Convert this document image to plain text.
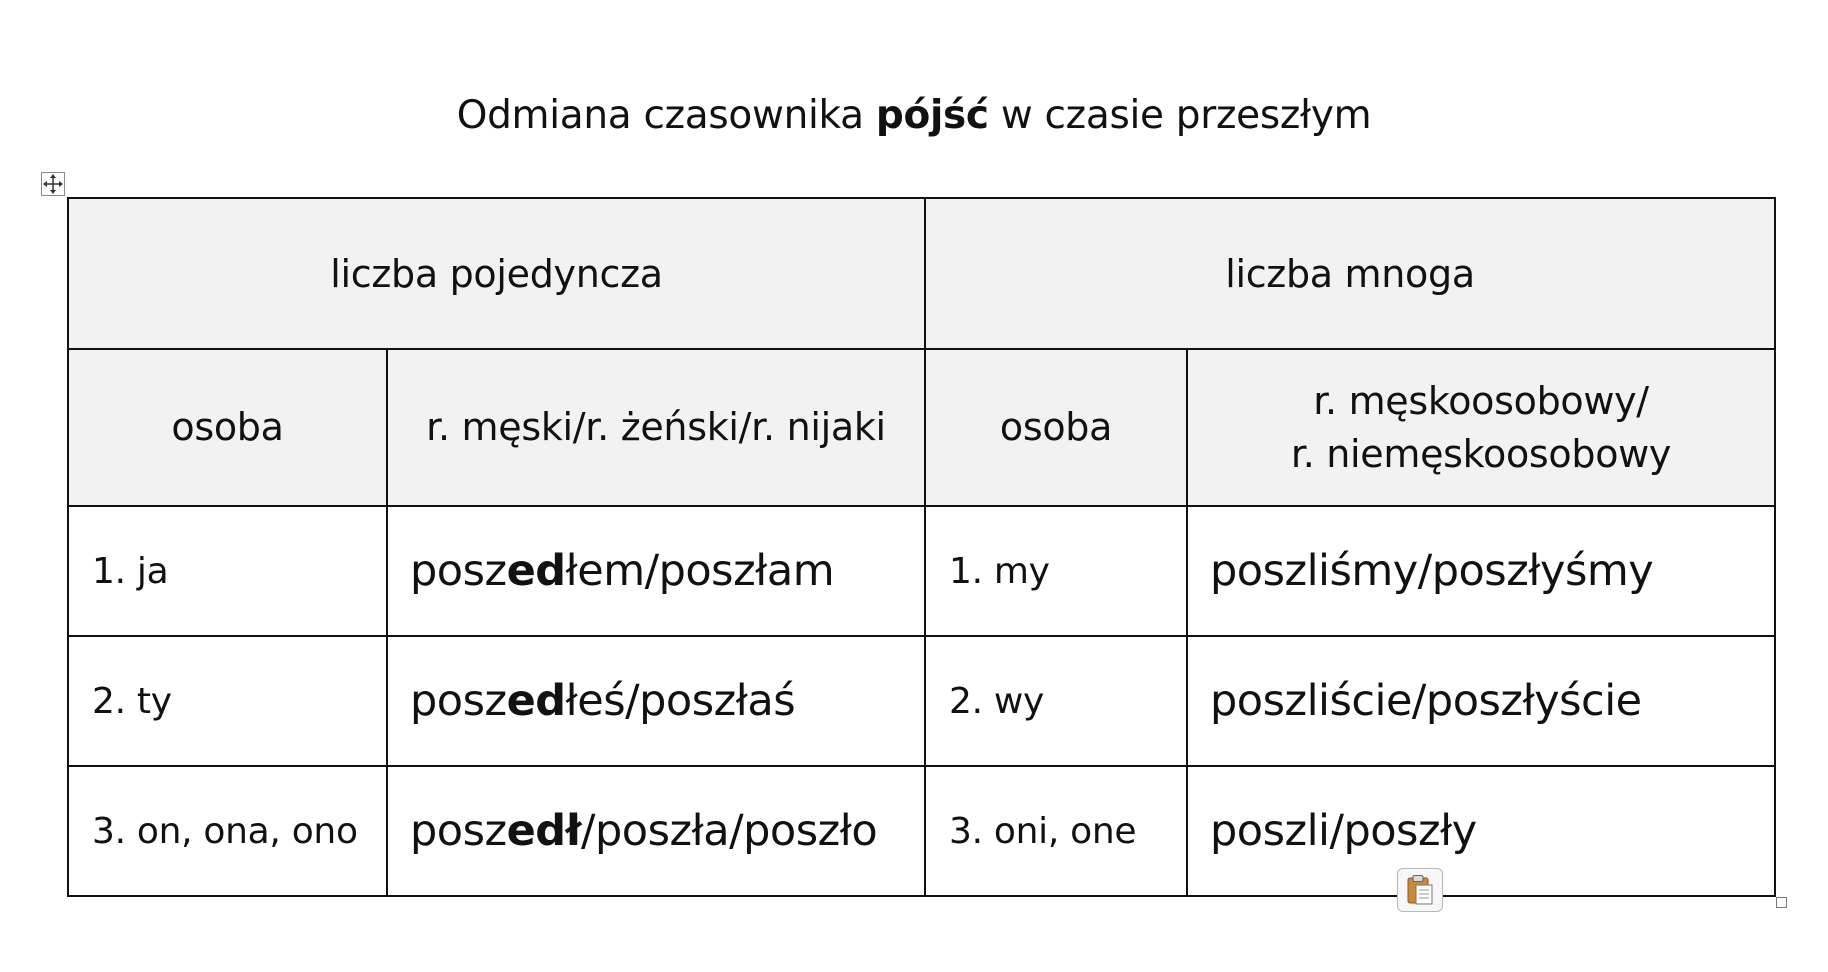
Odmiana czasownika pójść w czasie przeszłym
liczba pojedyncza		liczba mnoga	
osoba	r. męski/r. żeński/r. nijaki	osoba	r. męskoosobowy/
r. niemęskoosobowy
1. ja	poszedłem/poszłam	1. my	poszliśmy/poszłyśmy
2. ty	poszedłeś/poszłaś	2. wy	poszliście/poszłyście
3. on, ona, ono	poszedł/poszła/poszło	3. oni, one	poszli/poszły
